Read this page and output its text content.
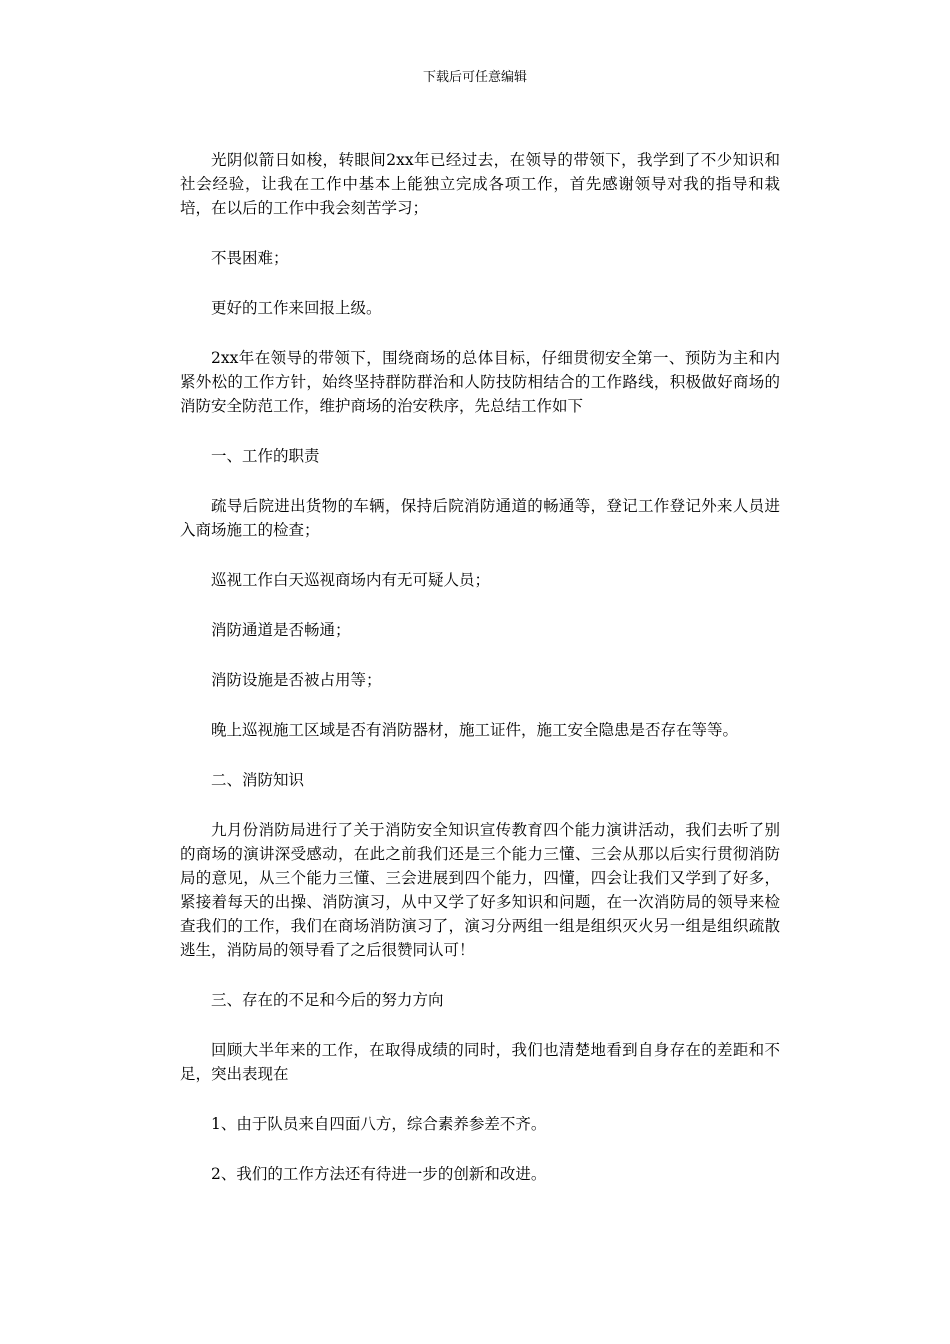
下载后可任意编辑

光阴似箭日如梭，转眼间2xx年已经过去，在领导的带领下，我学到了不少知识和社会经验，让我在工作中基本上能独立完成各项工作，首先感谢领导对我的指导和栽培，在以后的工作中我会刻苦学习；

不畏困难；

更好的工作来回报上级。

2xx年在领导的带领下，围绕商场的总体目标，仔细贯彻安全第一、预防为主和内紧外松的工作方针，始终坚持群防群治和人防技防相结合的工作路线，积极做好商场的消防安全防范工作，维护商场的治安秩序，先总结工作如下

一、工作的职责

疏导后院进出货物的车辆，保持后院消防通道的畅通等，登记工作登记外来人员进入商场施工的检查；

巡视工作白天巡视商场内有无可疑人员；

消防通道是否畅通；

消防设施是否被占用等；

晚上巡视施工区域是否有消防器材，施工证件，施工安全隐患是否存在等等。

二、消防知识

九月份消防局进行了关于消防安全知识宣传教育四个能力演讲活动，我们去听了别的商场的演讲深受感动，在此之前我们还是三个能力三懂、三会从那以后实行贯彻消防局的意见，从三个能力三懂、三会进展到四个能力，四懂，四会让我们又学到了好多，紧接着每天的出操、消防演习，从中又学了好多知识和问题，在一次消防局的领导来检查我们的工作，我们在商场消防演习了，演习分两组一组是组织灭火另一组是组织疏散逃生，消防局的领导看了之后很赞同认可！

三、存在的不足和今后的努力方向

回顾大半年来的工作，在取得成绩的同时，我们也清楚地看到自身存在的差距和不足，突出表现在

1、由于队员来自四面八方，综合素养参差不齐。

2、我们的工作方法还有待进一步的创新和改进。
